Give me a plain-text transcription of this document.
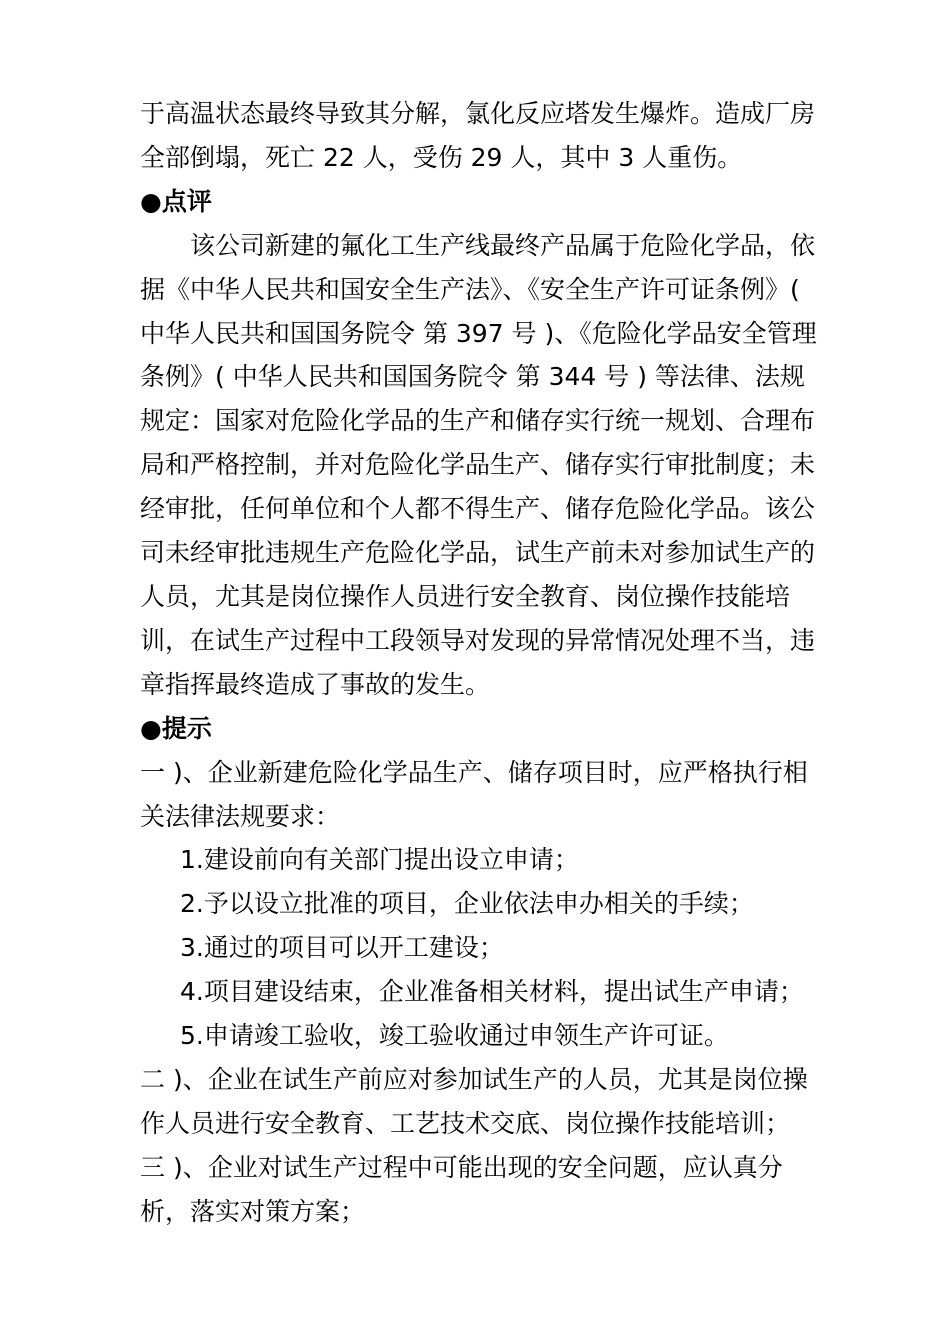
于高温状态最终导致其分解，氯化反应塔发生爆炸。造成厂房全部倒塌，死亡 22 人，受伤 29 人，其中 3 人重伤。

●点评

该公司新建的氟化工生产线最终产品属于危险化学品，依据《中华人民共和国安全生产法》、《安全生产许可证条例》( 中华人民共和国国务院令 第 397 号 )、《危险化学品安全管理条例》( 中华人民共和国国务院令 第 344 号 ) 等法律、法规规定：国家对危险化学品的生产和储存实行统一规划、合理布局和严格控制，并对危险化学品生产、储存实行审批制度；未经审批，任何单位和个人都不得生产、储存危险化学品。该公司未经审批违规生产危险化学品，试生产前未对参加试生产的人员，尤其是岗位操作人员进行安全教育、岗位操作技能培训，在试生产过程中工段领导对发现的异常情况处理不当，违章指挥最终造成了事故的发生。

●提示

一 )、企业新建危险化学品生产、储存项目时，应严格执行相关法律法规要求：

1.建设前向有关部门提出设立申请；

2.予以设立批准的项目，企业依法申办相关的手续；

3.通过的项目可以开工建设；

4.项目建设结束，企业准备相关材料，提出试生产申请；

5.申请竣工验收，竣工验收通过申领生产许可证。

二 )、企业在试生产前应对参加试生产的人员，尤其是岗位操作人员进行安全教育、工艺技术交底、岗位操作技能培训；

三 )、企业对试生产过程中可能出现的安全问题，应认真分析，落实对策方案；
